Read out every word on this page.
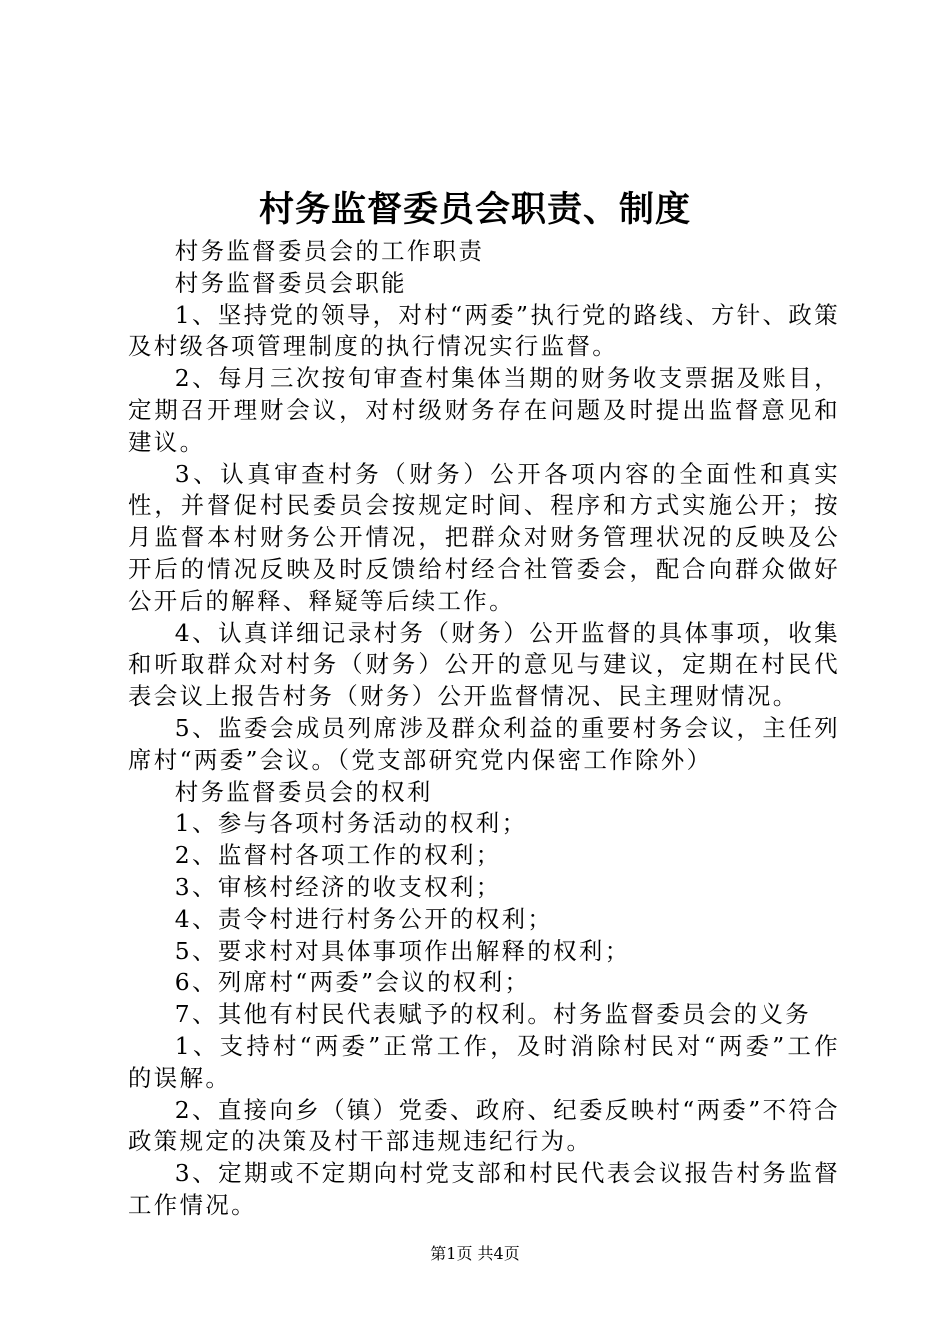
村务监督委员会职责、制度

村务监督委员会的工作职责

村务监督委员会职能

1、坚持党的领导，对村“两委”执行党的路线、方针、政策及村级各项管理制度的执行情况实行监督。

2、每月三次按旬审查村集体当期的财务收支票据及账目，定期召开理财会议，对村级财务存在问题及时提出监督意见和建议。

3、认真审查村务（财务）公开各项内容的全面性和真实性，并督促村民委员会按规定时间、程序和方式实施公开；按月监督本村财务公开情况，把群众对财务管理状况的反映及公开后的情况反映及时反馈给村经合社管委会，配合向群众做好公开后的解释、释疑等后续工作。

4、认真详细记录村务（财务）公开监督的具体事项，收集和听取群众对村务（财务）公开的意见与建议，定期在村民代表会议上报告村务（财务）公开监督情况、民主理财情况。

5、监委会成员列席涉及群众利益的重要村务会议，主任列席村“两委”会议。（党支部研究党内保密工作除外）

村务监督委员会的权利

1、参与各项村务活动的权利；

2、监督村各项工作的权利；

3、审核村经济的收支权利；

4、责令村进行村务公开的权利；

5、要求村对具体事项作出解释的权利；

6、列席村“两委”会议的权利；

7、其他有村民代表赋予的权利。村务监督委员会的义务

1、支持村“两委”正常工作，及时消除村民对“两委”工作的误解。

2、直接向乡（镇）党委、政府、纪委反映村“两委”不符合政策规定的决策及村干部违规违纪行为。

3、定期或不定期向村党支部和村民代表会议报告村务监督工作情况。

第1页 共4页
